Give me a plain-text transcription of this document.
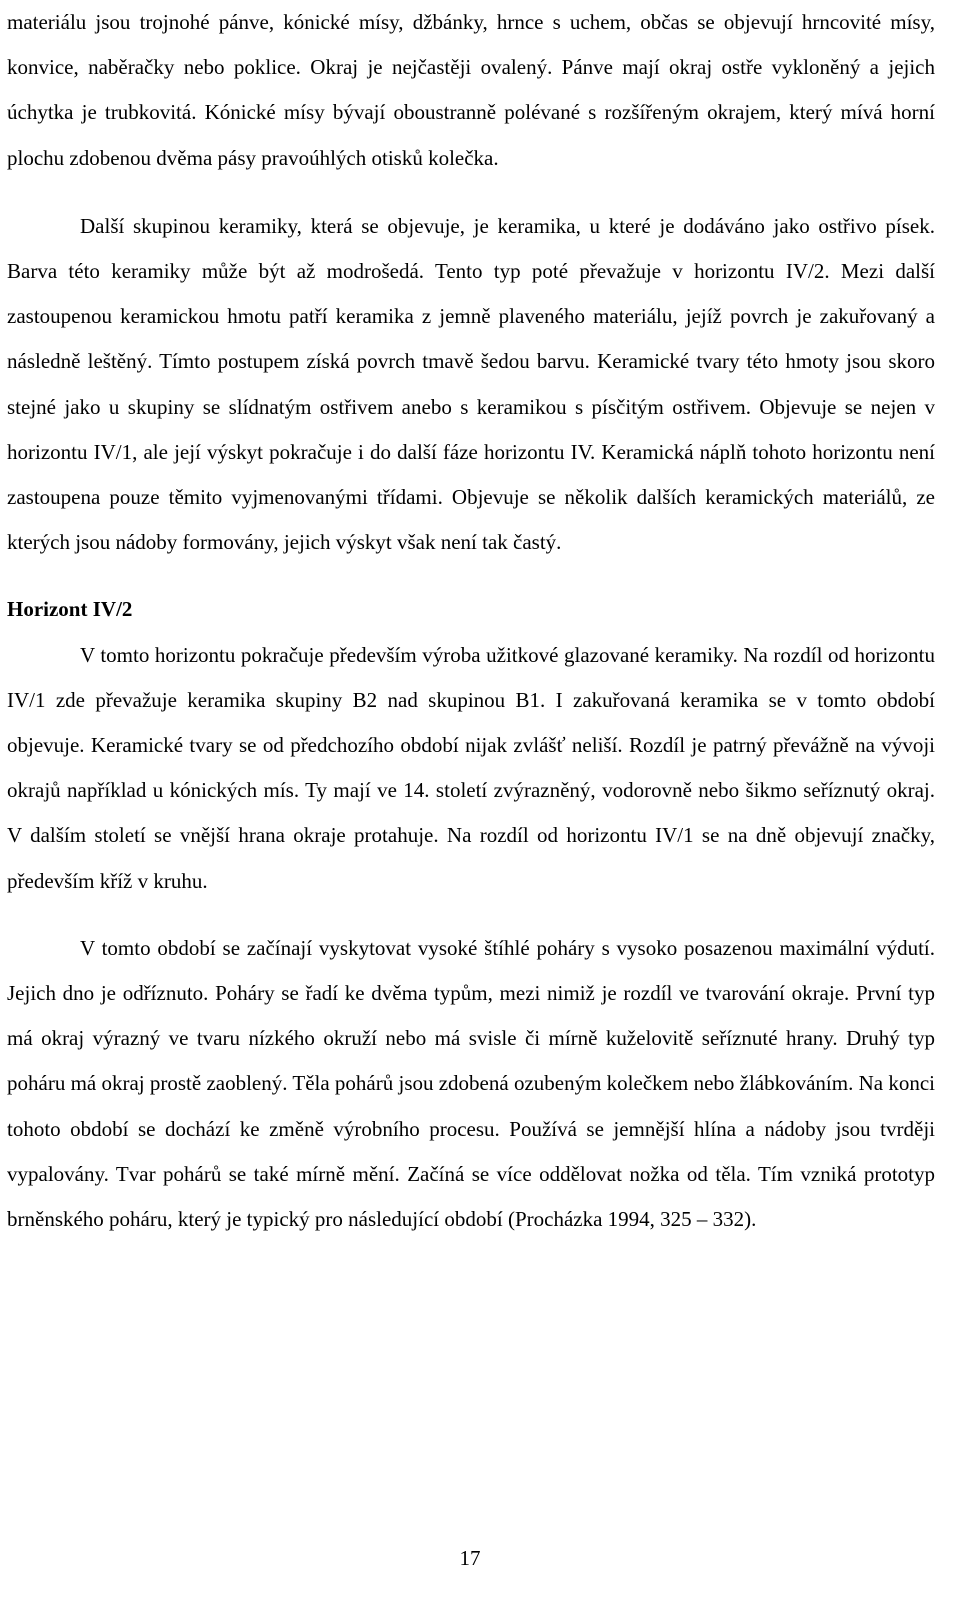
materiálu jsou trojnohé pánve, kónické mísy, džbánky, hrnce s uchem, občas se objevují hrncovité mísy, konvice, naběračky nebo poklice. Okraj je nejčastěji ovalený. Pánve mají okraj ostře vykloněný a jejich úchytka je trubkovitá. Kónické mísy bývají oboustranně polévané s rozšířeným okrajem, který mívá horní plochu zdobenou dvěma pásy pravoúhlých otisků kolečka.

Další skupinou keramiky, která se objevuje, je keramika, u které je dodáváno jako ostřivo písek. Barva této keramiky může být až modrošedá. Tento typ poté převažuje v horizontu IV/2. Mezi další zastoupenou keramickou hmotu patří keramika z jemně plaveného materiálu, jejíž povrch je zakuřovaný a následně leštěný. Tímto postupem získá povrch tmavě šedou barvu. Keramické tvary této hmoty jsou skoro stejné jako u skupiny se slídnatým ostřivem anebo s keramikou s písčitým ostřivem. Objevuje se nejen v horizontu IV/1, ale její výskyt pokračuje i do další fáze horizontu IV. Keramická náplň tohoto horizontu není zastoupena pouze těmito vyjmenovanými třídami. Objevuje se několik dalších keramických materiálů, ze kterých jsou nádoby formovány, jejich výskyt však není tak častý.

Horizont IV/2

V tomto horizontu pokračuje především výroba užitkové glazované keramiky. Na rozdíl od horizontu IV/1 zde převažuje keramika skupiny B2 nad skupinou B1. I zakuřovaná keramika se v tomto období objevuje. Keramické tvary se od předchozího období nijak zvlášť neliší. Rozdíl je patrný převážně na vývoji okrajů například u kónických mís. Ty mají ve 14. století zvýrazněný, vodorovně nebo šikmo seříznutý okraj. V dalším století se vnější hrana okraje protahuje. Na rozdíl od horizontu IV/1 se na dně objevují značky, především kříž v kruhu.

V tomto období se začínají vyskytovat vysoké štíhlé poháry s vysoko posazenou maximální výdutí. Jejich dno je odříznuto. Poháry se řadí ke dvěma typům, mezi nimiž je rozdíl ve tvarování okraje. První typ má okraj výrazný ve tvaru nízkého okruží nebo má svisle či mírně kuželovitě seříznuté hrany. Druhý typ poháru má okraj prostě zaoblený. Těla pohárů jsou zdobená ozubeným kolečkem nebo žlábkováním. Na konci tohoto období se dochází ke změně výrobního procesu. Používá se jemnější hlína a nádoby jsou tvrději vypalovány. Tvar pohárů se také mírně mění. Začíná se více oddělovat nožka od těla. Tím vzniká prototyp brněnského poháru, který je typický pro následující období (Procházka 1994, 325 – 332).

17
